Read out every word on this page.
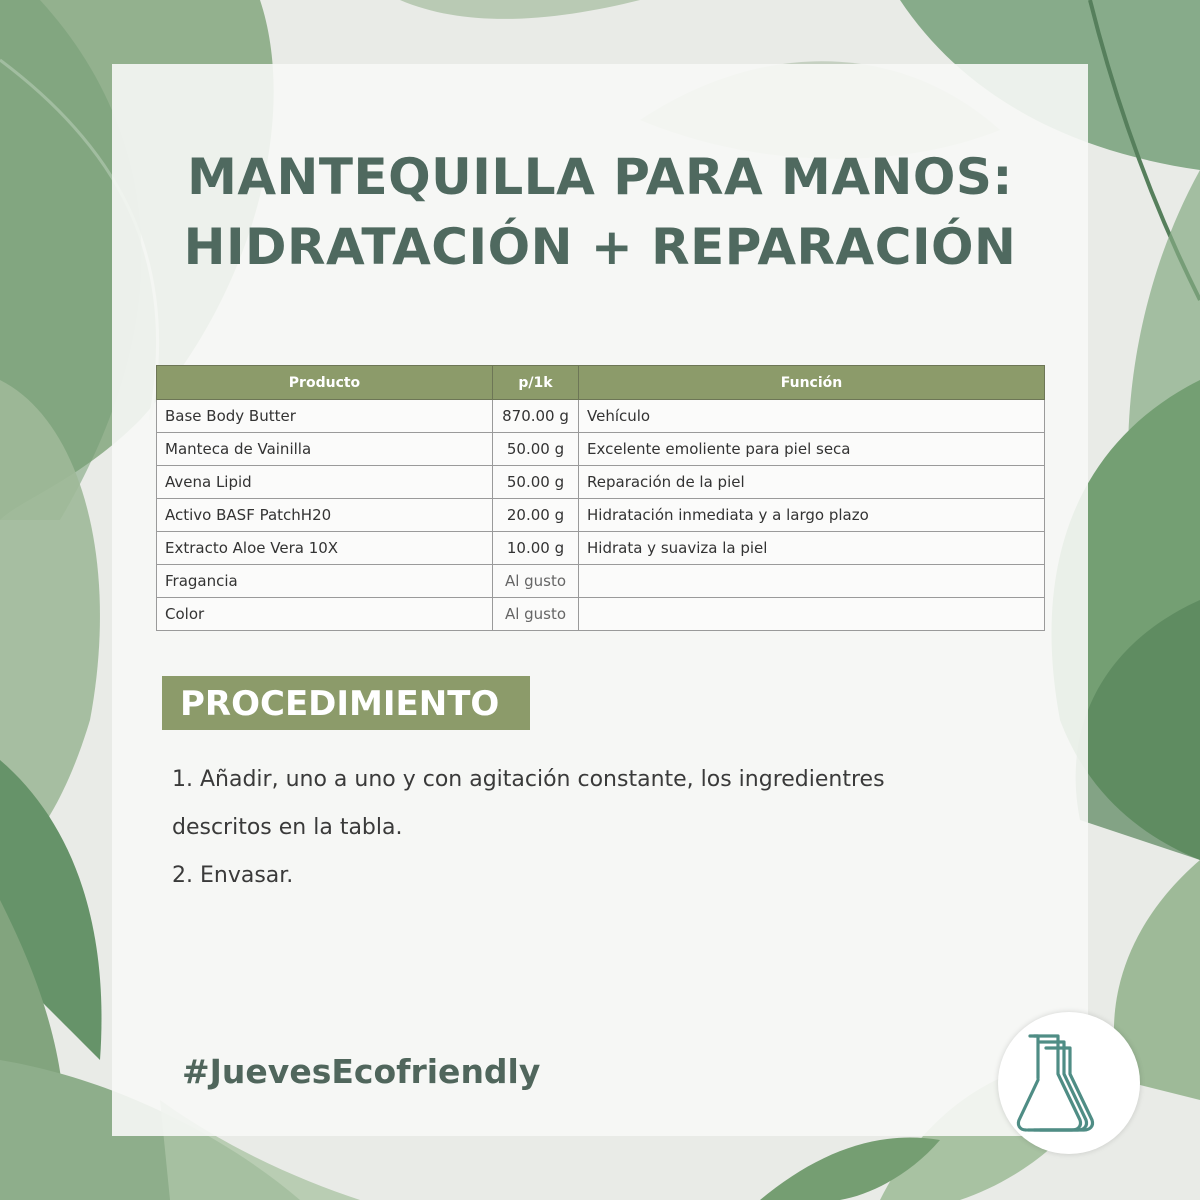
MANTEQUILLA PARA MANOS:
HIDRATACIÓN + REPARACIÓN
Producto	p/1k	Función
Base Body Butter	870.00 g	Vehículo
Manteca de Vainilla	50.00 g	Excelente emoliente para piel seca
Avena Lipid	50.00 g	Reparación de la piel
Activo BASF PatchH20	20.00 g	Hidratación inmediata y a largo plazo
Extracto Aloe Vera 10X	10.00 g	Hidrata y suaviza la piel
Fragancia	Al gusto	
Color	Al gusto	
PROCEDIMIENTO
1. Añadir, uno a uno y con agitación constante, los ingredientres
descritos en la tabla.
2. Envasar.
#JuevesEcofriendly
